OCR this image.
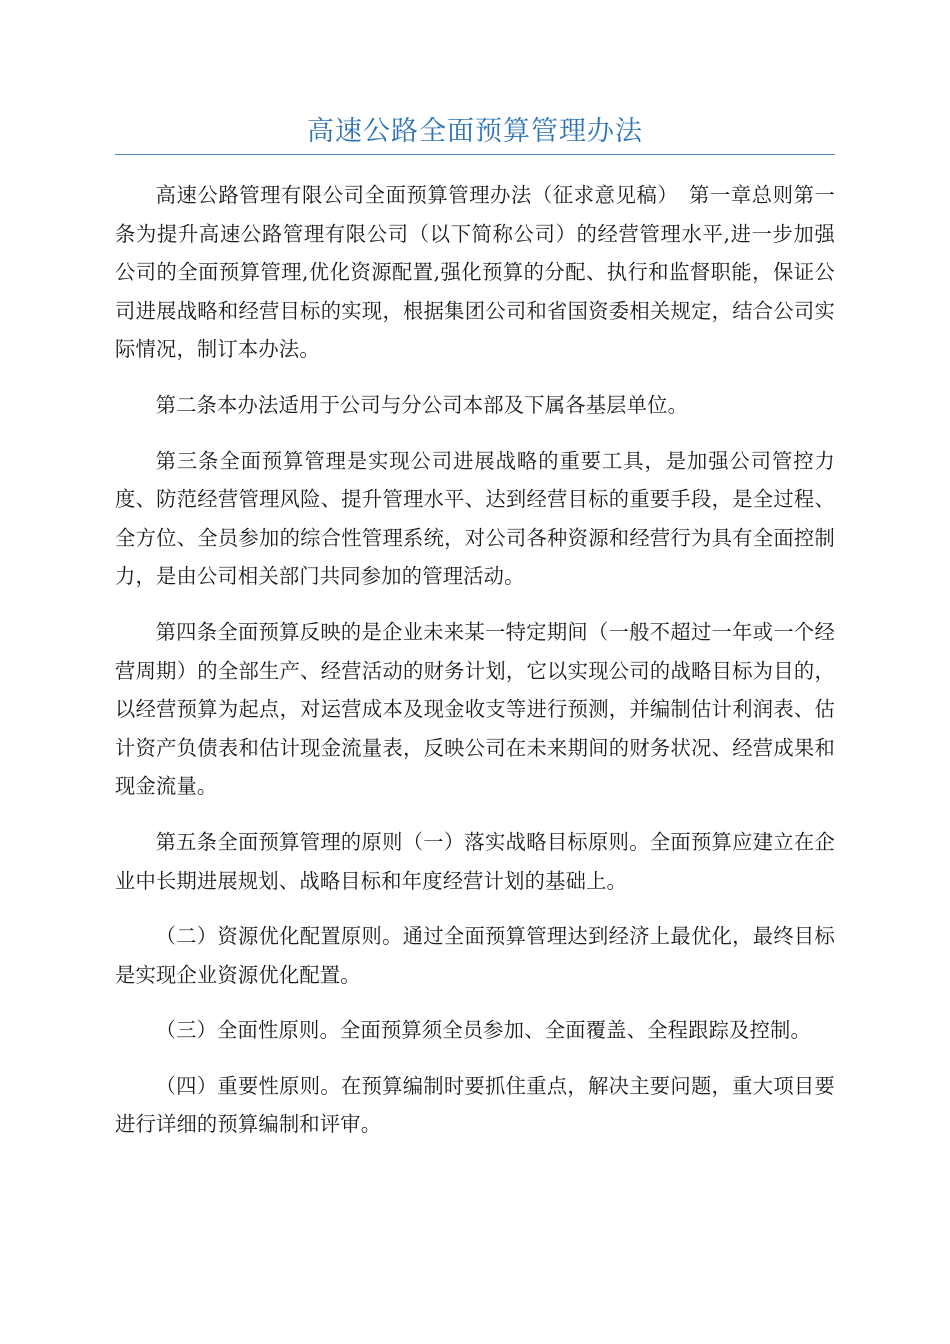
高速公路全面预算管理办法

高速公路管理有限公司全面预算管理办法（征求意见稿）　第一章总则第一条为提升高速公路管理有限公司（以下简称公司）的经营管理水平,进一步加强公司的全面预算管理,优化资源配置,强化预算的分配、执行和监督职能，保证公司进展战略和经营目标的实现，根据集团公司和省国资委相关规定，结合公司实际情况，制订本办法。

第二条本办法适用于公司与分公司本部及下属各基层单位。

第三条全面预算管理是实现公司进展战略的重要工具，是加强公司管控力度、防范经营管理风险、提升管理水平、达到经营目标的重要手段，是全过程、全方位、全员参加的综合性管理系统，对公司各种资源和经营行为具有全面控制力，是由公司相关部门共同参加的管理活动。

第四条全面预算反映的是企业未来某一特定期间（一般不超过一年或一个经营周期）的全部生产、经营活动的财务计划，它以实现公司的战略目标为目的，以经营预算为起点，对运营成本及现金收支等进行预测，并编制估计利润表、估计资产负债表和估计现金流量表，反映公司在未来期间的财务状况、经营成果和现金流量。

第五条全面预算管理的原则（一）落实战略目标原则。全面预算应建立在企业中长期进展规划、战略目标和年度经营计划的基础上。

（二）资源优化配置原则。通过全面预算管理达到经济上最优化，最终目标是实现企业资源优化配置。

（三）全面性原则。全面预算须全员参加、全面覆盖、全程跟踪及控制。

（四）重要性原则。在预算编制时要抓住重点，解决主要问题，重大项目要进行详细的预算编制和评审。
